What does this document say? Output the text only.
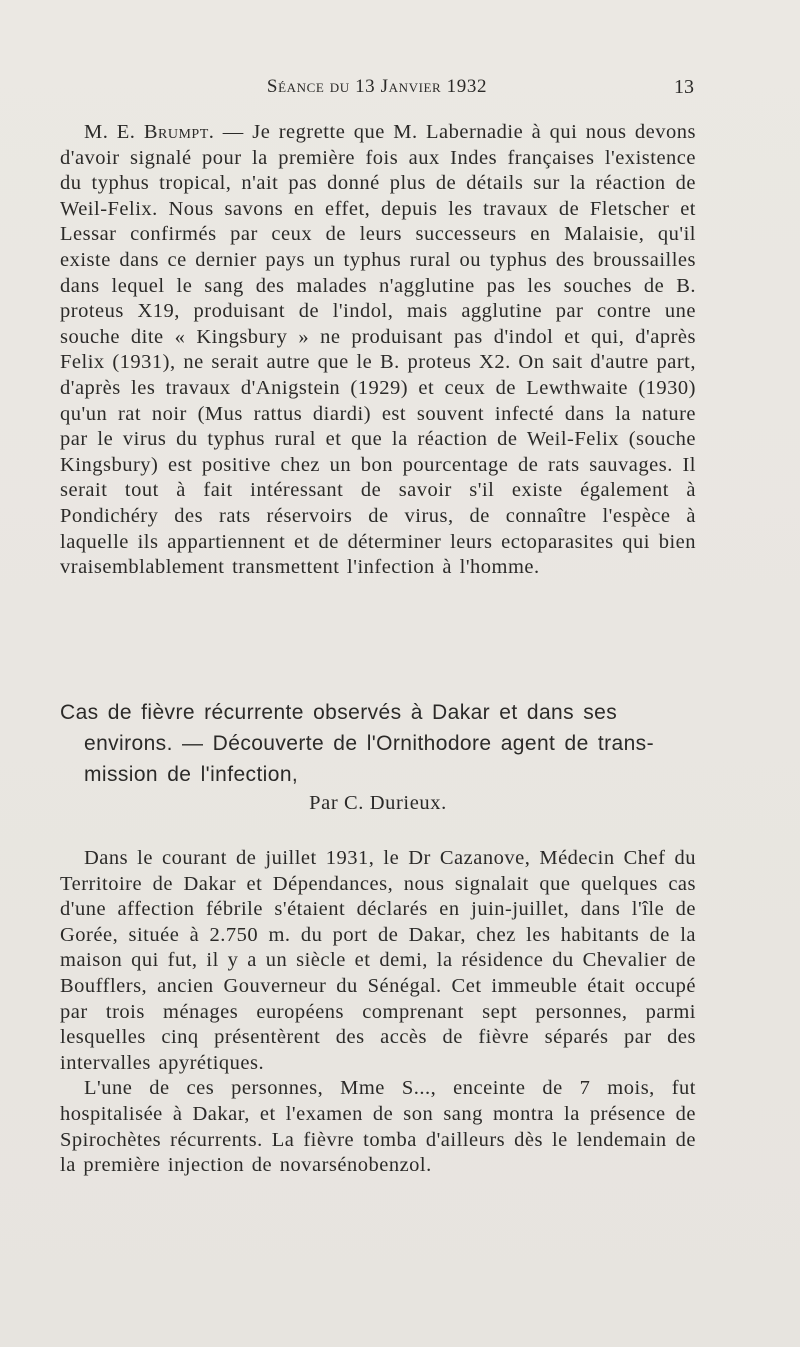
Séance du 13 Janvier 1932	13

M. E. Brumpt. — Je regrette que M. Labernadie à qui nous devons d'avoir signalé pour la première fois aux Indes françaises l'existence du typhus tropical, n'ait pas donné plus de détails sur la réaction de Weil-Felix. Nous savons en effet, depuis les travaux de Fletscher et Lessar confirmés par ceux de leurs successeurs en Malaisie, qu'il existe dans ce dernier pays un typhus rural ou typhus des broussailles dans lequel le sang des malades n'agglutine pas les souches de B. proteus X19, produisant de l'indol, mais agglutine par contre une souche dite « Kingsbury » ne produisant pas d'indol et qui, d'après Felix (1931), ne serait autre que le B. proteus X2. On sait d'autre part, d'après les travaux d'Anigstein (1929) et ceux de Lewthwaite (1930) qu'un rat noir (Mus rattus diardi) est souvent infecté dans la nature par le virus du typhus rural et que la réaction de Weil-Felix (souche Kingsbury) est positive chez un bon pourcentage de rats sauvages. Il serait tout à fait intéressant de savoir s'il existe également à Pondichéry des rats réservoirs de virus, de connaître l'espèce à laquelle ils appartiennent et de déterminer leurs ectoparasites qui bien vraisemblablement transmettent l'infection à l'homme.

Cas de fièvre récurrente observés à Dakar et dans ses
environs. — Découverte de l'Ornithodore agent de trans-
mission de l'infection,
Par C. Durieux.

Dans le courant de juillet 1931, le Dr Cazanove, Médecin Chef du Territoire de Dakar et Dépendances, nous signalait que quelques cas d'une affection fébrile s'étaient déclarés en juin-juillet, dans l'île de Gorée, située à 2.750 m. du port de Dakar, chez les habitants de la maison qui fut, il y a un siècle et demi, la résidence du Chevalier de Boufflers, ancien Gouverneur du Sénégal. Cet immeuble était occupé par trois ménages européens comprenant sept personnes, parmi lesquelles cinq présentèrent des accès de fièvre séparés par des intervalles apyrétiques.

L'une de ces personnes, Mme S..., enceinte de 7 mois, fut hospitalisée à Dakar, et l'examen de son sang montra la présence de Spirochètes récurrents. La fièvre tomba d'ailleurs dès le lendemain de la première injection de novarsénobenzol.
